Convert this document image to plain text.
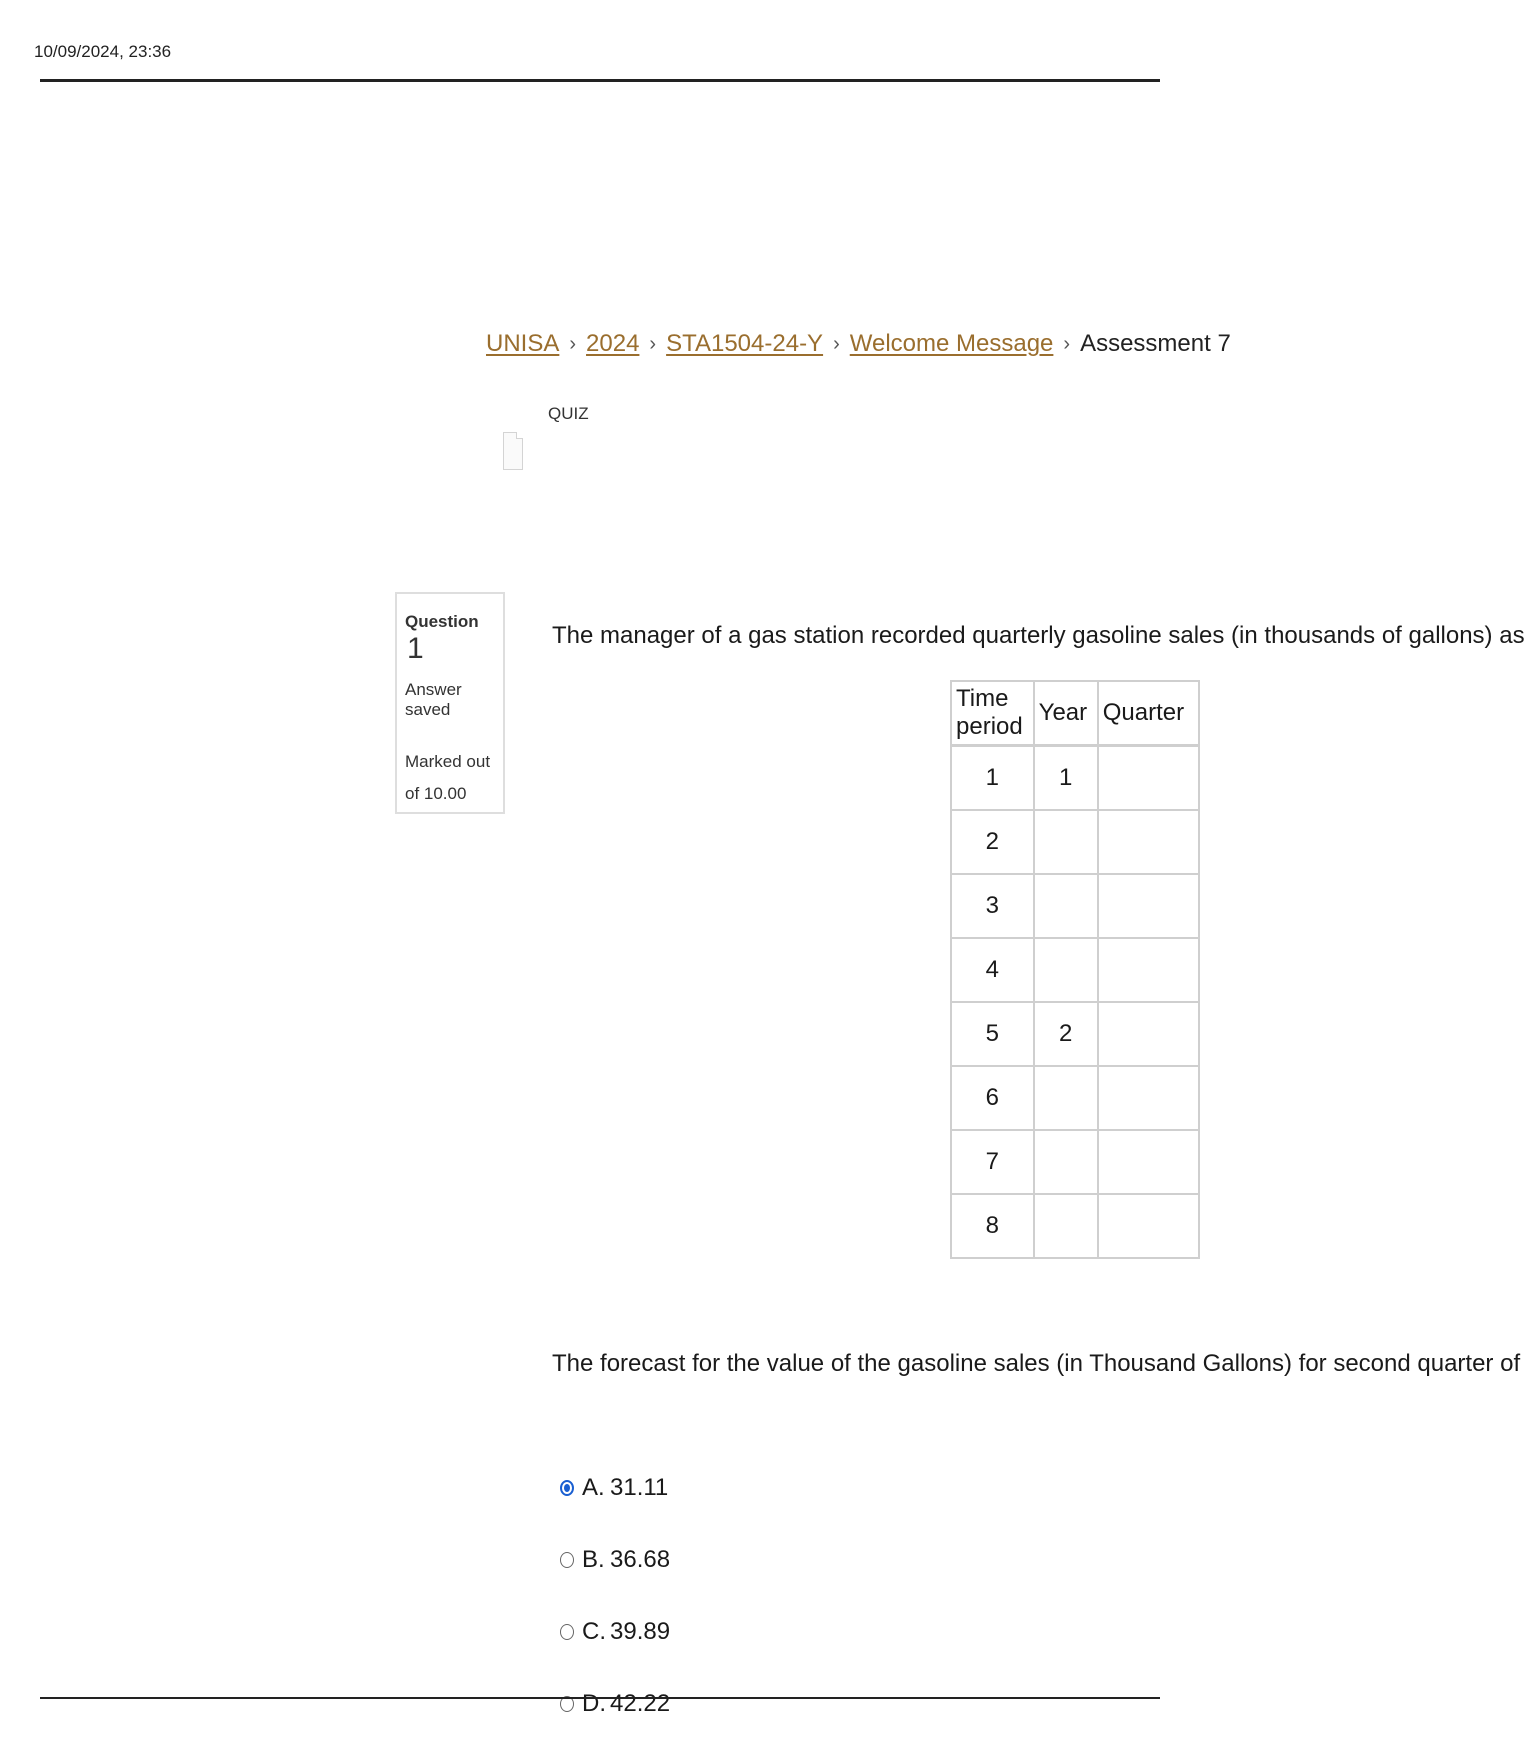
10/09/2024, 23:36
UNISA › 2024 › STA1504-24-Y › Welcome Message › Assessment 7
QUIZ
Question 1
Answer saved
Marked out of 10.00
The manager of a gas station recorded quarterly gasoline sales (in thousands of gallons) as
Time period	Year	Quarter
1	1	
2		
3		
4		
5	2	
6		
7		
8		
The forecast for the value of the gasoline sales (in Thousand Gallons) for second quarter of
A. 31.11
B. 36.68
C. 39.89
D. 42.22
